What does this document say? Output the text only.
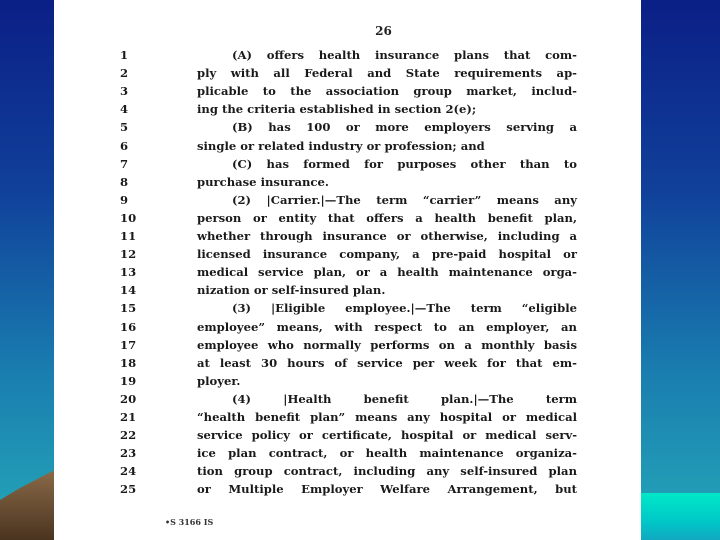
26
1	(A) offers health insurance plans that com-
2	ply with all Federal and State requirements ap-
3	plicable to the association group market, includ-
4	ing the criteria established in section 2(e);
5	(B) has 100 or more employers serving a
6	single or related industry or profession; and
7	(C) has formed for purposes other than to
8	purchase insurance.
9	(2) |Carrier.|—The term “carrier” means any
10	person or entity that offers a health benefit plan,
11	whether through insurance or otherwise, including a
12	licensed insurance company, a pre-paid hospital or
13	medical service plan, or a health maintenance orga-
14	nization or self-insured plan.
15	(3) |Eligible employee.|—The term “eligible
16	employee” means, with respect to an employer, an
17	employee who normally performs on a monthly basis
18	at least 30 hours of service per week for that em-
19	ployer.
20	(4) |Health benefit plan.|—The term
21	“health benefit plan” means any hospital or medical
22	service policy or certificate, hospital or medical serv-
23	ice plan contract, or health maintenance organiza-
24	tion group contract, including any self-insured plan
25	or Multiple Employer Welfare Arrangement, but
•S 3166 IS
